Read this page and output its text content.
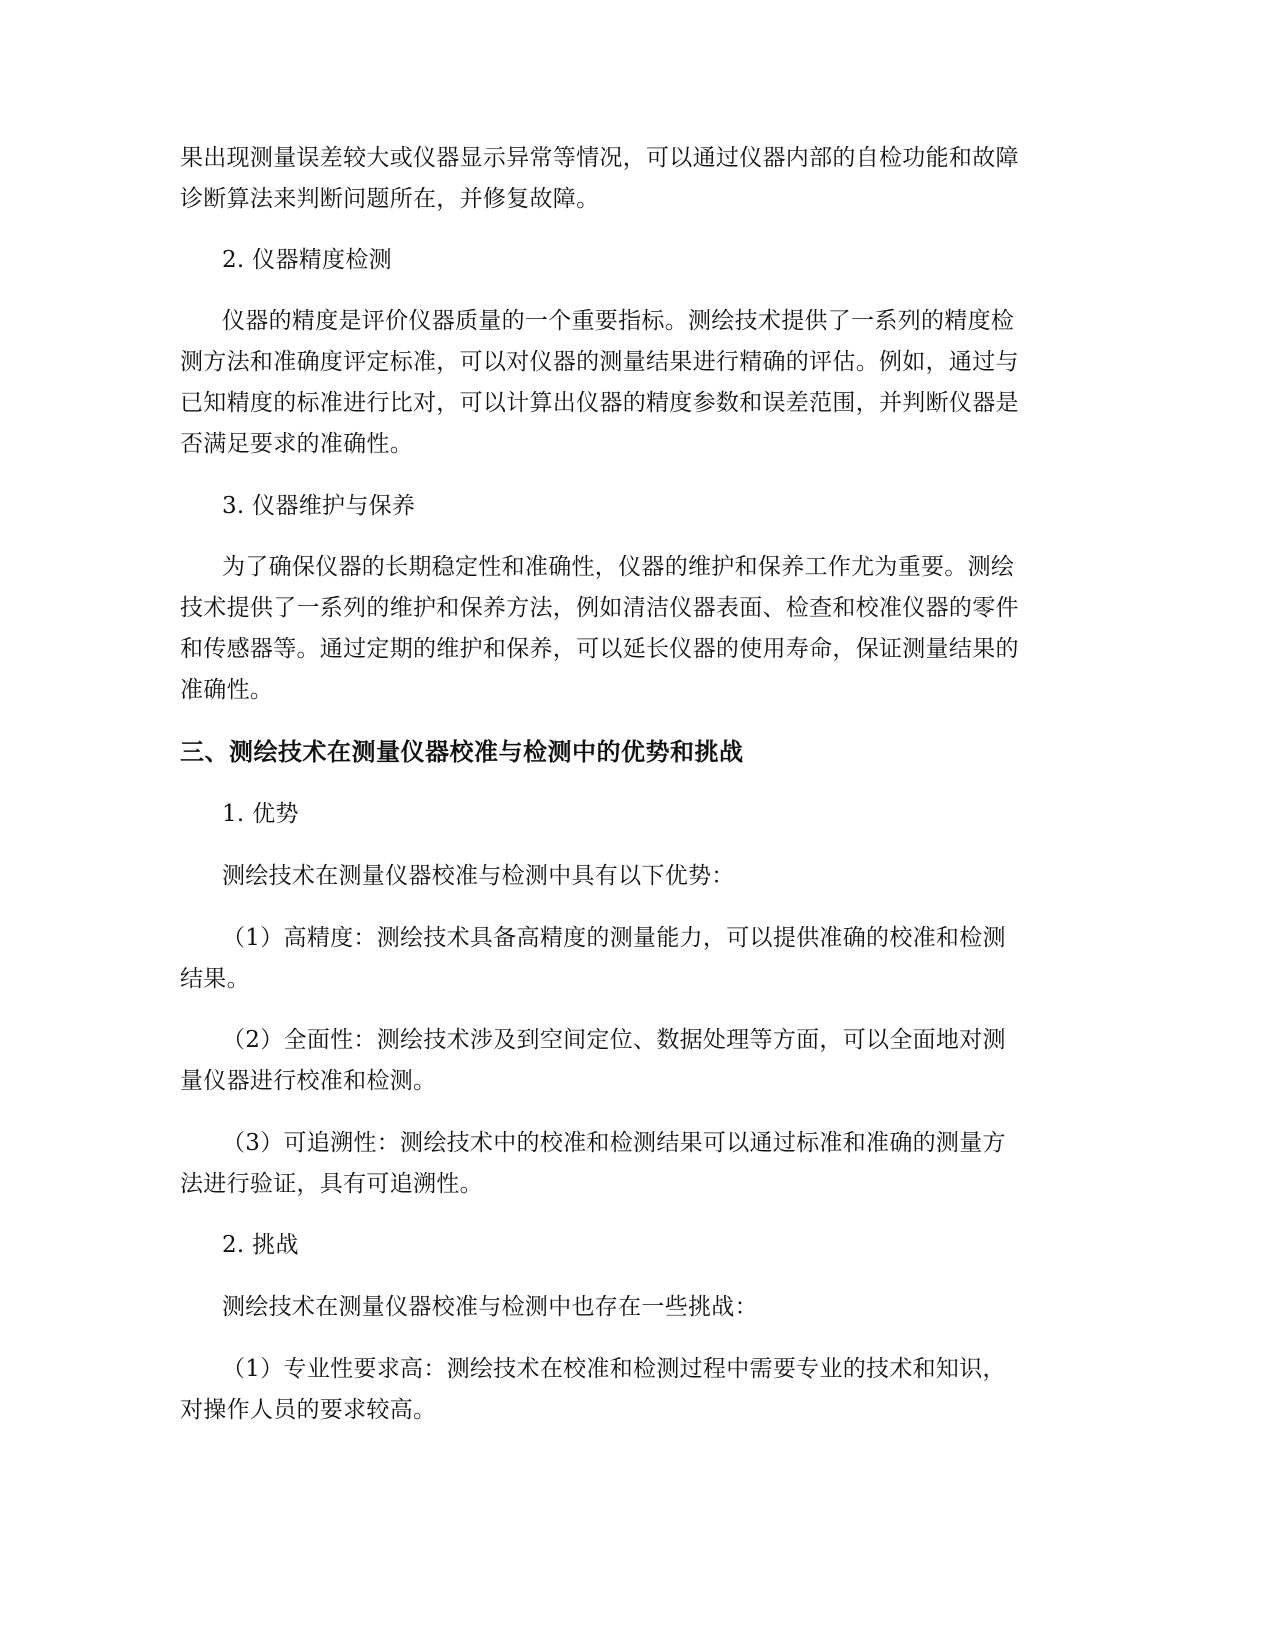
果出现测量误差较大或仪器显示异常等情况，可以通过仪器内部的自检功能和故障

诊断算法来判断问题所在，并修复故障。

2. 仪器精度检测

仪器的精度是评价仪器质量的一个重要指标。测绘技术提供了一系列的精度检

测方法和准确度评定标准，可以对仪器的测量结果进行精确的评估。例如，通过与

已知精度的标准进行比对，可以计算出仪器的精度参数和误差范围，并判断仪器是

否满足要求的准确性。

3. 仪器维护与保养

为了确保仪器的长期稳定性和准确性，仪器的维护和保养工作尤为重要。测绘

技术提供了一系列的维护和保养方法，例如清洁仪器表面、检查和校准仪器的零件

和传感器等。通过定期的维护和保养，可以延长仪器的使用寿命，保证测量结果的

准确性。

三、测绘技术在测量仪器校准与检测中的优势和挑战

1. 优势

测绘技术在测量仪器校准与检测中具有以下优势：

（1）高精度：测绘技术具备高精度的测量能力，可以提供准确的校准和检测

结果。

（2）全面性：测绘技术涉及到空间定位、数据处理等方面，可以全面地对测

量仪器进行校准和检测。

（3）可追溯性：测绘技术中的校准和检测结果可以通过标准和准确的测量方

法进行验证，具有可追溯性。

2. 挑战

测绘技术在测量仪器校准与检测中也存在一些挑战：

（1）专业性要求高：测绘技术在校准和检测过程中需要专业的技术和知识，

对操作人员的要求较高。
